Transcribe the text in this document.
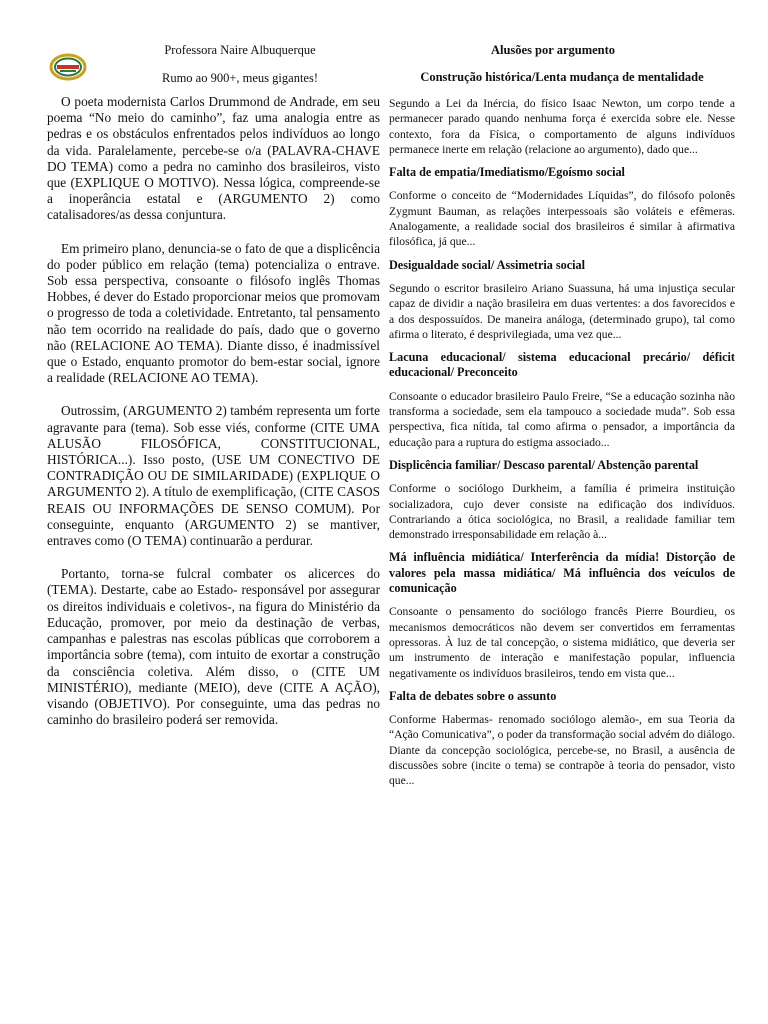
Professora Naire Albuquerque
Rumo ao 900+, meus gigantes!
Alusões por argumento

O poeta modernista Carlos Drummond de Andrade, em seu poema “No meio do caminho”, faz uma analogia entre as pedras e os obstáculos enfrentados pelos indivíduos ao longo da vida. Paralelamente, percebe-se o/a (PALAVRA-CHAVE DO TEMA) como a pedra no caminho dos brasileiros, visto que (EXPLIQUE O MOTIVO). Nessa lógica, compreende-se a inoperância estatal e (ARGUMENTO 2) como catalisadores/as dessa conjuntura.

Em primeiro plano, denuncia-se o fato de que a displicência do poder público em relação (tema) potencializa o entrave. Sob essa perspectiva, consoante o filósofo inglês Thomas Hobbes, é dever do Estado proporcionar meios que promovam o progresso de toda a coletividade. Entretanto, tal pensamento não tem ocorrido na realidade do país, dado que o governo não (RELACIONE AO TEMA). Diante disso, é inadmissível que o Estado, enquanto promotor do bem-estar social, ignore a realidade (RELACIONE AO TEMA).

Outrossim, (ARGUMENTO 2) também representa um forte agravante para (tema). Sob esse viés, conforme (CITE UMA ALUSÃO FILOSÓFICA, CONSTITUCIONAL, HISTÓRICA...). Isso posto, (USE UM CONECTIVO DE CONTRADIÇÃO OU DE SIMILARIDADE) (EXPLIQUE O ARGUMENTO 2). A título de exemplificação, (CITE CASOS REAIS OU INFORMAÇÕES DE SENSO COMUM). Por conseguinte, enquanto (ARGUMENTO 2) se mantiver, entraves como (O TEMA) continuarão a perdurar.

Portanto, torna-se fulcral combater os alicerces do (TEMA). Destarte, cabe ao Estado- responsável por assegurar os direitos individuais e coletivos-, na figura do Ministério da Educação, promover, por meio da destinação de verbas, campanhas e palestras nas escolas públicas que corroborem a importância sobre (tema), com intuito de exortar a construção da consciência coletiva. Além disso, o (CITE UM MINISTÉRIO), mediante (MEIO), deve (CITE A AÇÃO), visando (OBJETIVO). Por conseguinte, uma das pedras no caminho do brasileiro poderá ser removida.

Construção histórica/Lenta mudança de mentalidade
Segundo a Lei da Inércia, do físico Isaac Newton, um corpo tende a permanecer parado quando nenhuma força é exercida sobre ele. Nesse contexto, fora da Física, o comportamento de alguns indivíduos permanece inerte em relação (relacione ao argumento), dado que...
Falta de empatia/Imediatismo/Egoísmo social
Conforme o conceito de “Modernidades Líquidas”, do filósofo polonês Zygmunt Bauman, as relações interpessoais são voláteis e efêmeras. Analogamente, a realidade social dos brasileiros é similar à afirmativa filosófica, já que...
Desigualdade social/ Assimetria social
Segundo o escritor brasileiro Ariano Suassuna, há uma injustiça secular capaz de dividir a nação brasileira em duas vertentes: a dos favorecidos e a dos despossuídos. De maneira análoga, (determinado grupo), tal como afirma o literato, é desprivilegiada, uma vez que...
Lacuna educacional/ sistema educacional precário/ déficit educacional/ Preconceito
Consoante o educador brasileiro Paulo Freire, “Se a educação sozinha não transforma a sociedade, sem ela tampouco a sociedade muda”. Sob essa perspectiva, fica nítida, tal como afirma o pensador, a importância da educação para a ruptura do estigma associado...
Displicência familiar/ Descaso parental/ Abstenção parental
Conforme o sociólogo Durkheim, a família é primeira instituição socializadora, cujo dever consiste na edificação dos indivíduos. Contrariando a ótica sociológica, no Brasil, a realidade familiar tem demonstrado irresponsabilidade em relação à...
Má influência midiática/ Interferência da mídia! Distorção de valores pela massa midiática/ Má influência dos veículos de comunicação
Consoante o pensamento do sociólogo francês Pierre Bourdieu, os mecanismos democráticos não devem ser convertidos em ferramentas opressoras. À luz de tal concepção, o sistema midiático, que deveria ser um instrumento de interação e manifestação popular, influencia negativamente os indivíduos brasileiros, tendo em vista que...
Falta de debates sobre o assunto
Conforme Habermas- renomado sociólogo alemão-, em sua Teoria da “Ação Comunicativa”, o poder da transformação social advém do diálogo. Diante da concepção sociológica, percebe-se, no Brasil, a ausência de discussões sobre (incite o tema) se contrapõe à teoria do pensador, visto que...
